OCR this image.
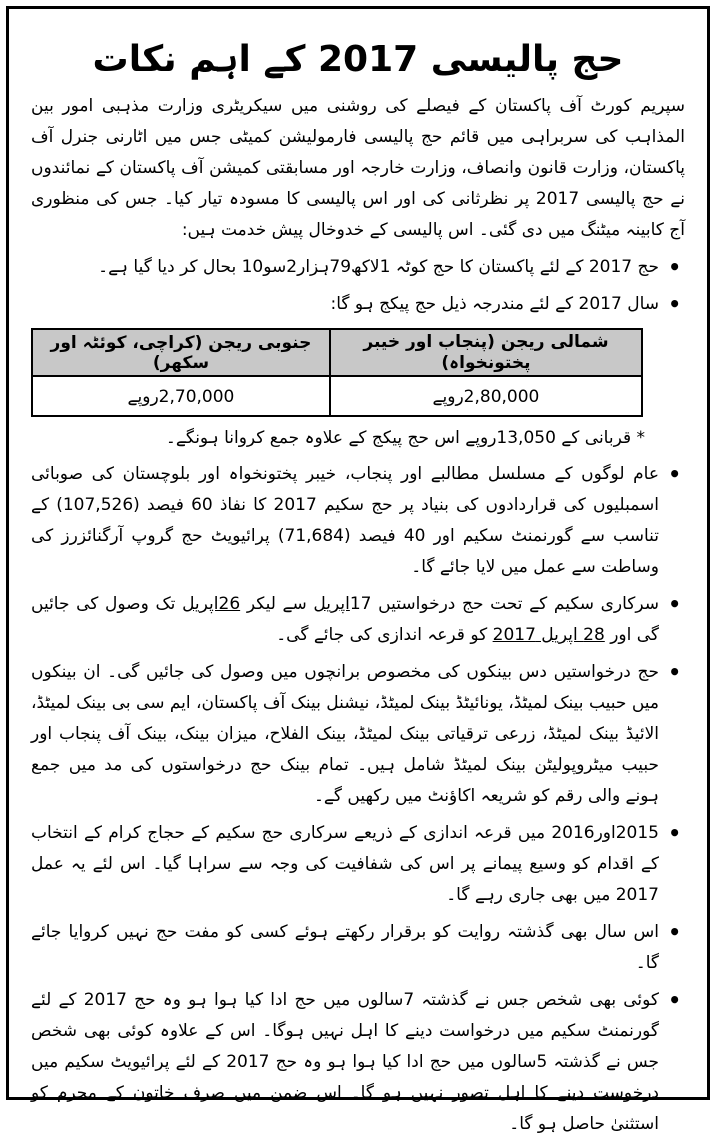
حج پالیسی 2017 کے اہم نکات

سپریم کورٹ آف پاکستان کے فیصلے کی روشنی میں سیکریٹری وزارت مذہبی امور بین المذاہب کی سربراہی میں قائم حج پالیسی فارمولیشن کمیٹی جس میں اٹارنی جنرل آف پاکستان، وزارت قانون وانصاف، وزارت خارجہ اور مسابقتی کمیشن آف پاکستان کے نمائندوں نے حج پالیسی 2017 پر نظرثانی کی اور اس پالیسی کا مسودہ تیار کیا۔ جس کی منظوری آج کابینہ میٹنگ میں دی گئی۔ اس پالیسی کے خدوخال پیش خدمت ہیں:

• حج 2017 کے لئے پاکستان کا حج کوٹہ 1لاکھ79ہزار2سو10 بحال کر دیا گیا ہے۔
• سال 2017 کے لئے مندرجہ ذیل حج پیکج ہو گا:
شمالی ریجن (پنجاب اور خیبر پختونخواہ)	جنوبی ریجن (کراچی، کوئٹہ اور سکھر)
2,80,000روپے	2,70,000روپے

* قربانی کے 13,050روپے اس حج پیکج کے علاوہ جمع کروانا ہونگے۔

• عام لوگوں کے مسلسل مطالبے اور پنجاب، خیبر پختونخواہ اور بلوچستان کی صوبائی اسمبلیوں کی قراردادوں کی بنیاد پر حج سکیم 2017 کا نفاذ 60 فیصد (107,526) کے تناسب سے گورنمنٹ سکیم اور 40 فیصد (71,684) پرائیویٹ حج گروپ آرگنائزرز کی وساطت سے عمل میں لایا جائے گا۔
• سرکاری سکیم کے تحت حج درخواستیں 17اپریل سے لیکر 26اپریل تک وصول کی جائیں گی اور 28 اپریل 2017 کو قرعہ اندازی کی جائے گی۔
• حج درخواستیں دس بینکوں کی مخصوص برانچوں میں وصول کی جائیں گی۔ ان بینکوں میں حبیب بینک لمیٹڈ، یونائیٹڈ بینک لمیٹڈ، نیشنل بینک آف پاکستان، ایم سی بی بینک لمیٹڈ، الائیڈ بینک لمیٹڈ، زرعی ترقیاتی بینک لمیٹڈ، بینک الفلاح، میزان بینک، بینک آف پنجاب اور حبیب میٹروپولیٹن بینک لمیٹڈ شامل ہیں۔ تمام بینک حج درخواستوں کی مد میں جمع ہونے والی رقم کو شریعہ اکاؤنٹ میں رکھیں گے۔
• 2015اور2016 میں قرعہ اندازی کے ذریعے سرکاری حج سکیم کے حجاج کرام کے انتخاب کے اقدام کو وسیع پیمانے پر اس کی شفافیت کی وجہ سے سراہا گیا۔ اس لئے یہ عمل 2017 میں بھی جاری رہے گا۔
• اس سال بھی گذشتہ روایت کو برقرار رکھتے ہوئے کسی کو مفت حج نہیں کروایا جائے گا۔
• کوئی بھی شخص جس نے گذشتہ 7سالوں میں حج ادا کیا ہوا ہو وہ حج 2017 کے لئے گورنمنٹ سکیم میں درخواست دینے کا اہل نہیں ہوگا۔ اس کے علاوہ کوئی بھی شخص جس نے گذشتہ 5سالوں میں حج ادا کیا ہوا ہو وہ حج 2017 کے لئے پرائیویٹ سکیم میں درخوست دینے کا اہل تصور نہیں ہو گا۔ اس ضمن میں صرف خاتون کے محرم کو استثنیٰ حاصل ہو گا۔
